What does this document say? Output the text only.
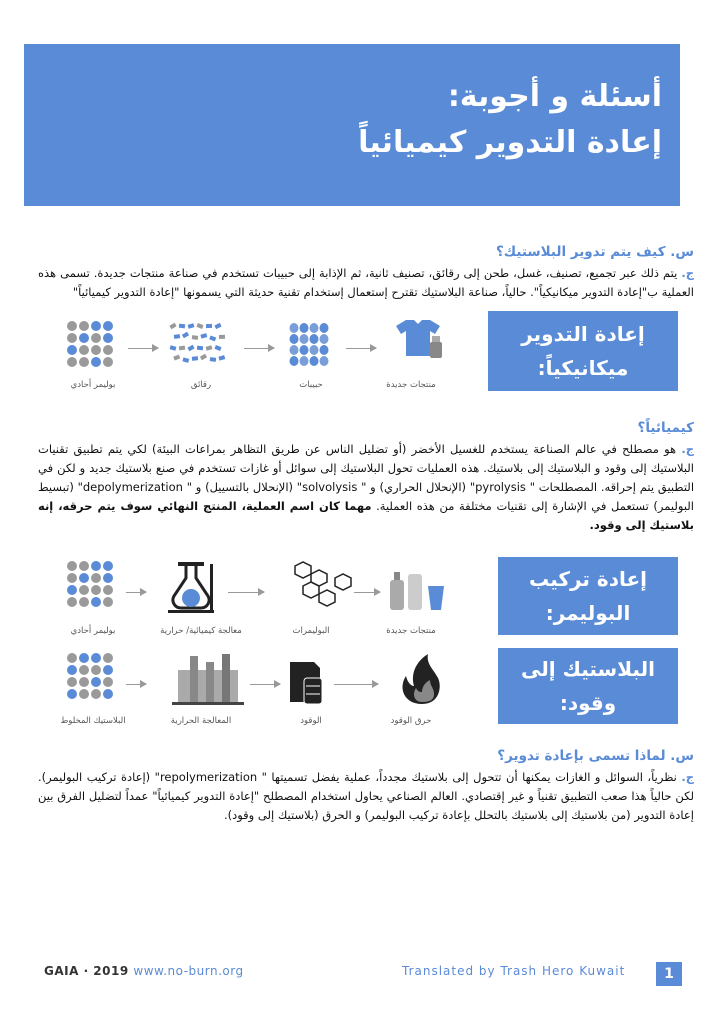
أسئلة و أجوبة:
إعادة التدوير كيميائياً
س. كيف يتم تدوير البلاستيك؟
ج. يتم ذلك عبر تجميع، تصنيف، غسل، طحن إلى رقائق، تصنيف ثانية، ثم الإذابة إلى حبيبات تستخدم في صناعة منتجات جديدة. تسمى هذه العملية ب"إعادة التدوير ميكانيكياً". حالياً، صناعة البلاستيك تقترح إستعمال إستخدام تقنية حديثة التي يسمونها "إعادة التدوير كيميائياً"
بوليمر أحادي	رقائق	حبيبات	منتجات جديدة
إعادة التدوير
ميكانيكياً:
كيميائياً؟
ج. هو مصطلح في عالم الصناعة يستخدم للغسيل الأخضر (أو تضليل الناس عن طريق التظاهر بمراعات البيئة) لكي يتم تطبيق تقنيات البلاستيك إلى وقود و البلاستيك إلى بلاستيك. هذه العمليات تحول البلاستيك إلى سوائل أو غازات تستخدم في صنع بلاستيك جديد و لكن في التطبيق يتم إحراقه. المصطلحات " pyrolysis" (الإنحلال الحراري) و " solvolysis" (الإنحلال بالتسييل) و " depolymerization" (تبسيط البوليمر) تستعمل في الإشارة إلى تقنيات مختلفة من هذه العملية. مهما كان اسم العملية، المنتج النهائي سوف يتم حرقه، إنه بلاستيك إلى وقود.
بوليمر أحادي	معالجة كيميائية/ حرارية	البوليمرات	منتجات جديدة
البلاستيك المخلوط	المعالجة الحرارية	الوقود	حرق الوقود
إعادة تركيب
البوليمر:
البلاستيك إلى وقود:
س. لماذا تسمى بإعادة تدوير؟
ج. نظرياً، السوائل و الغازات يمكنها أن تتحول إلى بلاستيك مجدداً، عملية يفضل تسميتها " repolymerization" (إعادة تركيب البوليمر). لكن حالياً هذا صعب التطبيق تقنياً و غير إقتصادي. العالم الصناعي يحاول استخدام المصطلح "إعادة التدوير كيميائياً" عمداً لتضليل الفرق بين إعادة التدوير (من بلاستيك إلى بلاستيك بالتحلل بإعادة تركيب البوليمر) و الحرق (بلاستيك إلى وقود).
GAIA · 2019 www.no-burn.org	Translated by Trash Hero Kuwait	1
